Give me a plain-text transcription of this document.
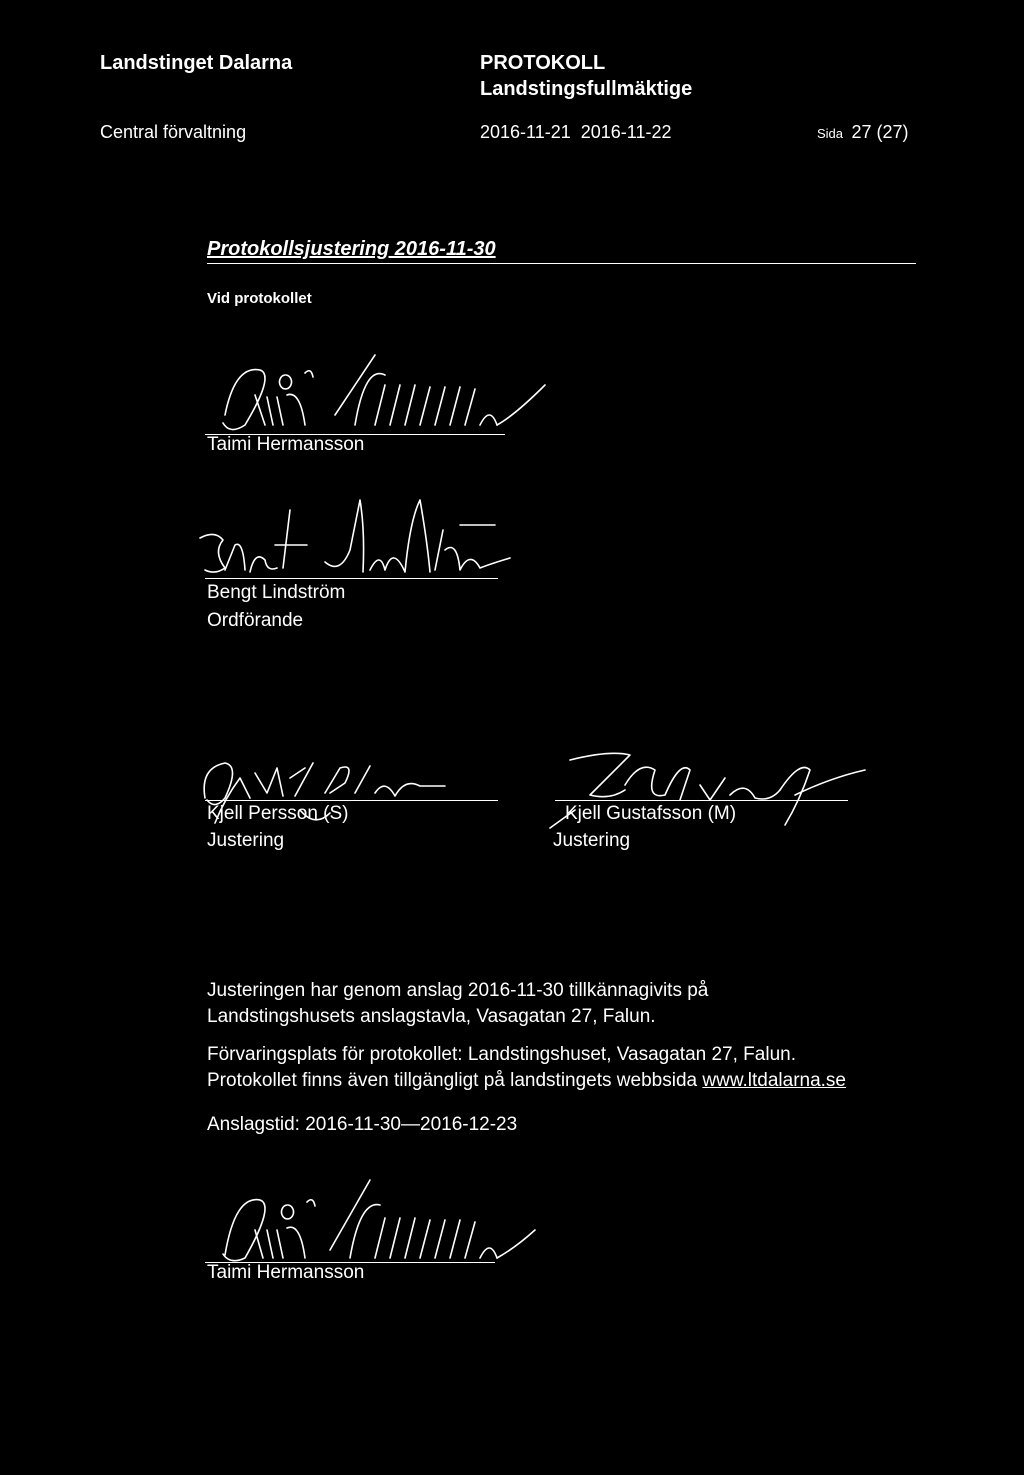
Landstinget Dalarna	PROTOKOLL
Landstingsfullmäktige
Central förvaltning	2016-11-21  2016-11-22	Sida 27 (27)
Protokollsjustering 2016-11-30
Vid protokollet
Taimi Hermansson
Bengt Lindström
Ordförande
Kjell Persson (S)
Justering
Kjell Gustafsson (M)
Justering
Justeringen har genom anslag 2016-11-30 tillkännagivits på
Landstingshusets anslagstavla, Vasagatan 27, Falun.
Förvaringsplats för protokollet: Landstingshuset, Vasagatan 27, Falun.
Protokollet finns även tillgängligt på landstingets webbsida www.ltdalarna.se
Anslagstid: 2016-11-30—2016-12-23
Taimi Hermansson
